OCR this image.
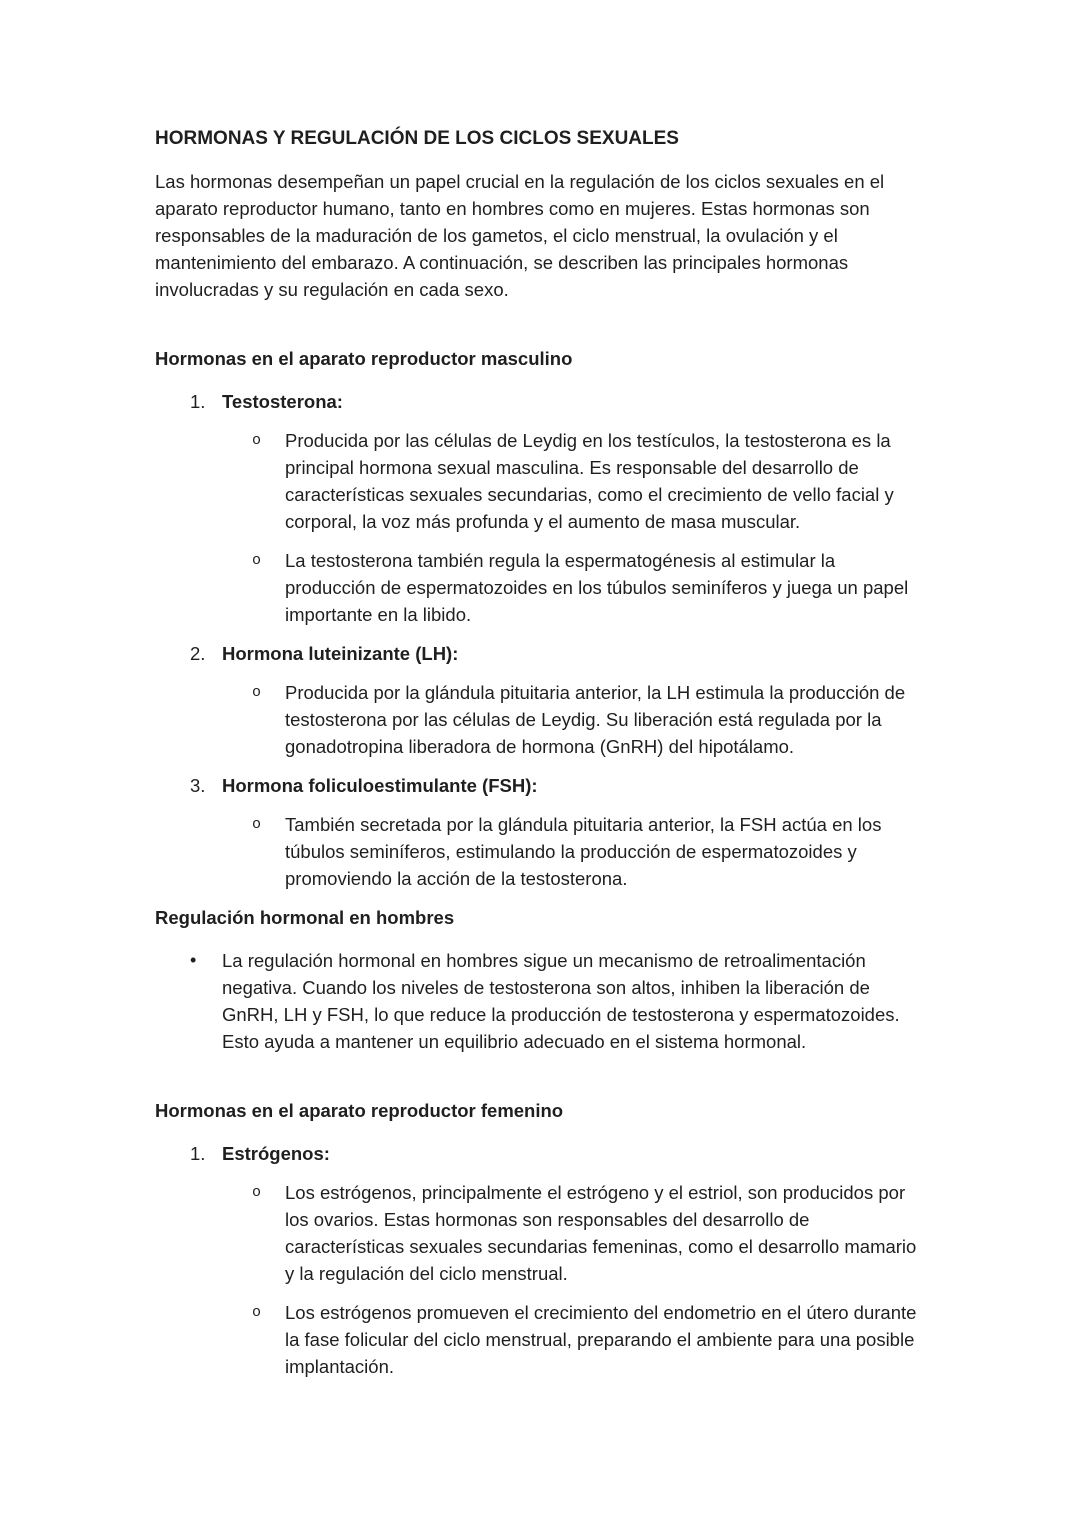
HORMONAS Y REGULACIÓN DE LOS CICLOS SEXUALES

Las hormonas desempeñan un papel crucial en la regulación de los ciclos sexuales en el aparato reproductor humano, tanto en hombres como en mujeres. Estas hormonas son responsables de la maduración de los gametos, el ciclo menstrual, la ovulación y el mantenimiento del embarazo. A continuación, se describen las principales hormonas involucradas y su regulación en cada sexo.

Hormonas en el aparato reproductor masculino
1. Testosterona:
o	Producida por las células de Leydig en los testículos, la testosterona es la principal hormona sexual masculina. Es responsable del desarrollo de características sexuales secundarias, como el crecimiento de vello facial y corporal, la voz más profunda y el aumento de masa muscular.

o	La testosterona también regula la espermatogénesis al estimular la producción de espermatozoides en los túbulos seminíferos y juega un papel importante en la libido.

2. Hormona luteinizante (LH):
o	Producida por la glándula pituitaria anterior, la LH estimula la producción de testosterona por las células de Leydig. Su liberación está regulada por la gonadotropina liberadora de hormona (GnRH) del hipotálamo.

3. Hormona foliculoestimulante (FSH):
o	También secretada por la glándula pituitaria anterior, la FSH actúa en los túbulos seminíferos, estimulando la producción de espermatozoides y promoviendo la acción de la testosterona.

Regulación hormonal en hombres
•	La regulación hormonal en hombres sigue un mecanismo de retroalimentación negativa. Cuando los niveles de testosterona son altos, inhiben la liberación de GnRH, LH y FSH, lo que reduce la producción de testosterona y espermatozoides. Esto ayuda a mantener un equilibrio adecuado en el sistema hormonal.

Hormonas en el aparato reproductor femenino
1. Estrógenos:
o	Los estrógenos, principalmente el estrógeno y el estriol, son producidos por los ovarios. Estas hormonas son responsables del desarrollo de características sexuales secundarias femeninas, como el desarrollo mamario y la regulación del ciclo menstrual.

o	Los estrógenos promueven el crecimiento del endometrio en el útero durante la fase folicular del ciclo menstrual, preparando el ambiente para una posible implantación.
